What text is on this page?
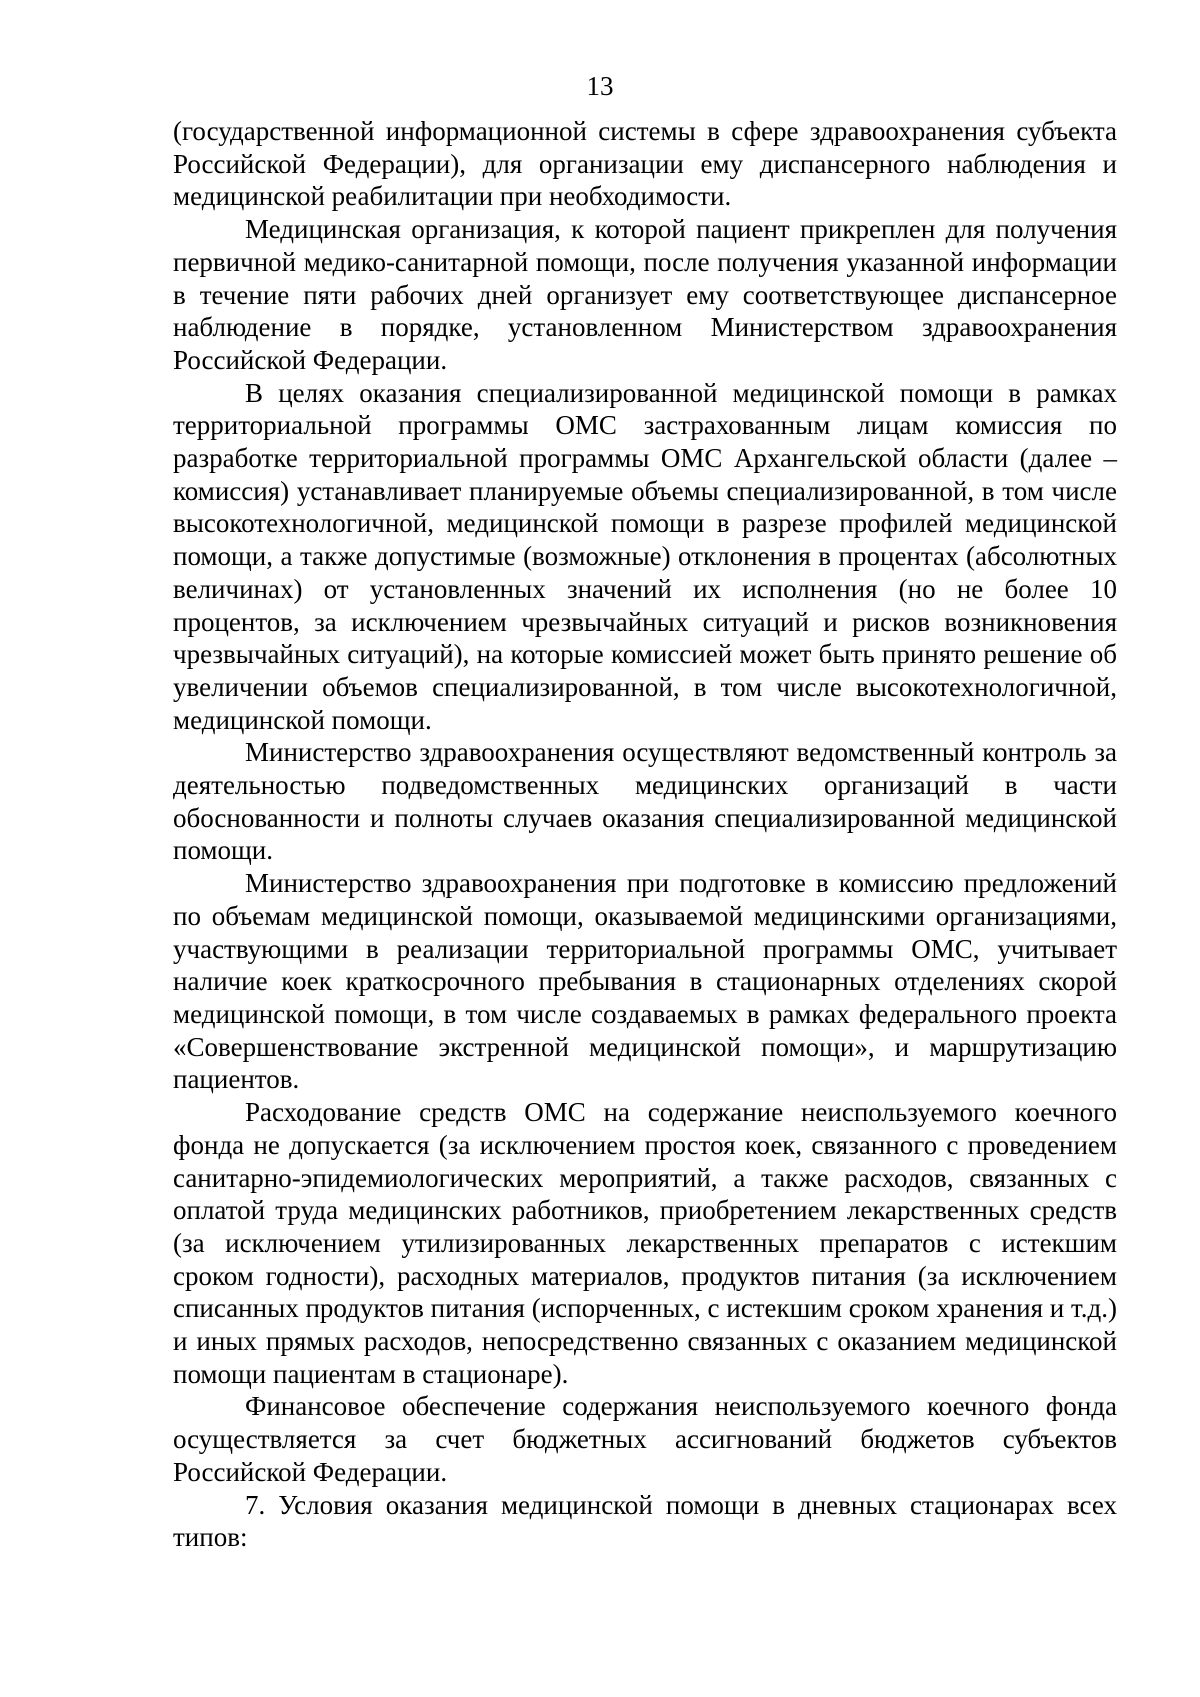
13

(государственной информационной системы в сфере здравоохранения субъекта Российской Федерации), для организации ему диспансерного наблюдения и медицинской реабилитации при необходимости.

Медицинская организация, к которой пациент прикреплен для получения первичной медико-санитарной помощи, после получения указанной информации в течение пяти рабочих дней организует ему соответствующее диспансерное наблюдение в порядке, установленном Министерством здравоохранения Российской Федерации.

В целях оказания специализированной медицинской помощи в рамках территориальной программы ОМС застрахованным лицам комиссия по разработке территориальной программы ОМС Архангельской области (далее – комиссия) устанавливает планируемые объемы специализированной, в том числе высокотехнологичной, медицинской помощи в разрезе профилей медицинской помощи, а также допустимые (возможные) отклонения в процентах (абсолютных величинах) от установленных значений их исполнения (но не более 10 процентов, за исключением чрезвычайных ситуаций и рисков возникновения чрезвычайных ситуаций), на которые комиссией может быть принято решение об увеличении объемов специализированной, в том числе высокотехнологичной, медицинской помощи.

Министерство здравоохранения осуществляют ведомственный контроль за деятельностью подведомственных медицинских организаций в части обоснованности и полноты случаев оказания специализированной медицинской помощи.

Министерство здравоохранения при подготовке в комиссию предложений по объемам медицинской помощи, оказываемой медицинскими организациями, участвующими в реализации территориальной программы ОМС, учитывает наличие коек краткосрочного пребывания в стационарных отделениях скорой медицинской помощи, в том числе создаваемых в рамках федерального проекта «Совершенствование экстренной медицинской помощи», и маршрутизацию пациентов.

Расходование средств ОМС на содержание неиспользуемого коечного фонда не допускается (за исключением простоя коек, связанного с проведением санитарно-эпидемиологических мероприятий, а также расходов, связанных с оплатой труда медицинских работников, приобретением лекарственных средств (за исключением утилизированных лекарственных препаратов с истекшим сроком годности), расходных материалов, продуктов питания (за исключением списанных продуктов питания (испорченных, с истекшим сроком хранения и т.д.) и иных прямых расходов, непосредственно связанных с оказанием медицинской помощи пациентам в стационаре).

Финансовое обеспечение содержания неиспользуемого коечного фонда осуществляется за счет бюджетных ассигнований бюджетов субъектов Российской Федерации.

7. Условия оказания медицинской помощи в дневных стационарах всех типов:
